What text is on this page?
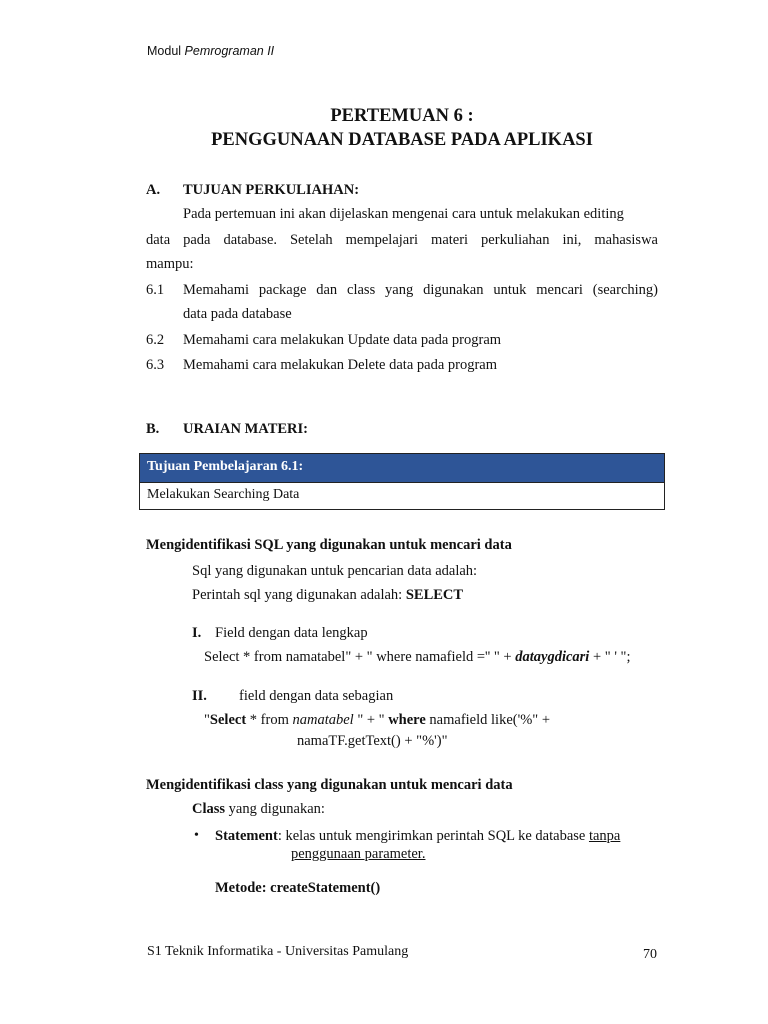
Modul Pemrograman II
PERTEMUAN 6 :
PENGGUNAAN DATABASE PADA APLIKASI
A. TUJUAN PERKULIAHAN:
Pada pertemuan ini akan dijelaskan mengenai cara untuk melakukan editing
data pada database. Setelah mempelajari materi perkuliahan ini, mahasiswa
mampu:
6.1 Memahami package dan class yang digunakan untuk mencari (searching)
data pada database
6.2 Memahami cara melakukan Update data pada program
6.3 Memahami cara melakukan Delete data pada program
B. URAIAN MATERI:
Tujuan Pembelajaran 6.1:
Melakukan Searching Data
Mengidentifikasi SQL yang digunakan untuk mencari data
Sql yang digunakan untuk pencarian data adalah:
Perintah sql yang digunakan adalah: SELECT
I. Field dengan data lengkap
Select * from namatabel" + " where namafield ='' " + dataygdicari + " ' ";
II. field dengan data sebagian
"Select * from namatabel " + " where namafield like('%" +
namaTF.getText() + "%')"
Mengidentifikasi class yang digunakan untuk mencari data
Class yang digunakan:
• Statement: kelas untuk mengirimkan perintah SQL ke database tanpa
penggunaan parameter.
Metode: createStatement()
S1 Teknik Informatika - Universitas Pamulang	70
